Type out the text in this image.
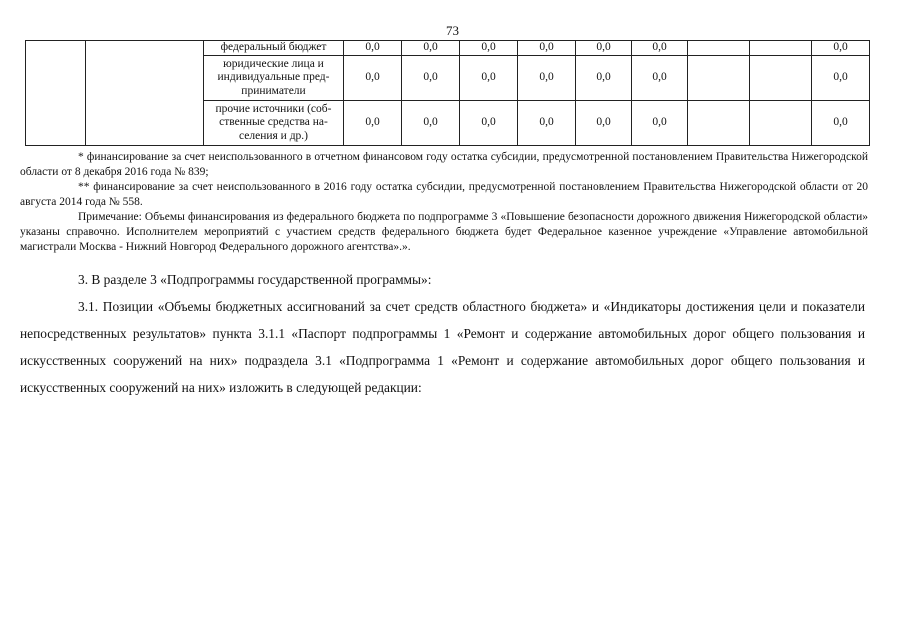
73
		федеральный бюджет	0,0	0,0	0,0	0,0	0,0	0,0			0,0
		юридические лица и индивидуальные пред-приниматели	0,0	0,0	0,0	0,0	0,0	0,0			0,0
		прочие источники (соб-ственные средства на-селения и др.)	0,0	0,0	0,0	0,0	0,0	0,0			0,0

* финансирование за счет неиспользованного в отчетном финансовом году остатка субсидии, предусмотренной постановлением Правительства Нижегородской области от 8 декабря 2016 года № 839;

** финансирование за счет неиспользованного в 2016 году остатка субсидии, предусмотренной постановлением Правительства Нижегородской области от 20 августа 2014 года № 558.

Примечание: Объемы финансирования из федерального бюджета по подпрограмме 3 «Повышение безопасности дорожного движения Нижегородской области» указаны справочно. Исполнителем мероприятий с участием средств федерального бюджета будет Федеральное казенное учреждение «Управление автомобильной магистрали Москва - Нижний Новгород Федерального дорожного агентства».».

3. В разделе 3 «Подпрограммы государственной программы»:

3.1. Позиции «Объемы бюджетных ассигнований за счет средств областного бюджета» и «Индикаторы достижения цели и показатели непосредственных результатов» пункта 3.1.1 «Паспорт подпрограммы 1 «Ремонт и содержание автомобильных дорог общего пользования и искусственных сооружений на них» подраздела 3.1 «Подпрограмма 1 «Ремонт и содержание автомобильных дорог общего пользования и искусственных сооружений на них» изложить в следующей редакции:
